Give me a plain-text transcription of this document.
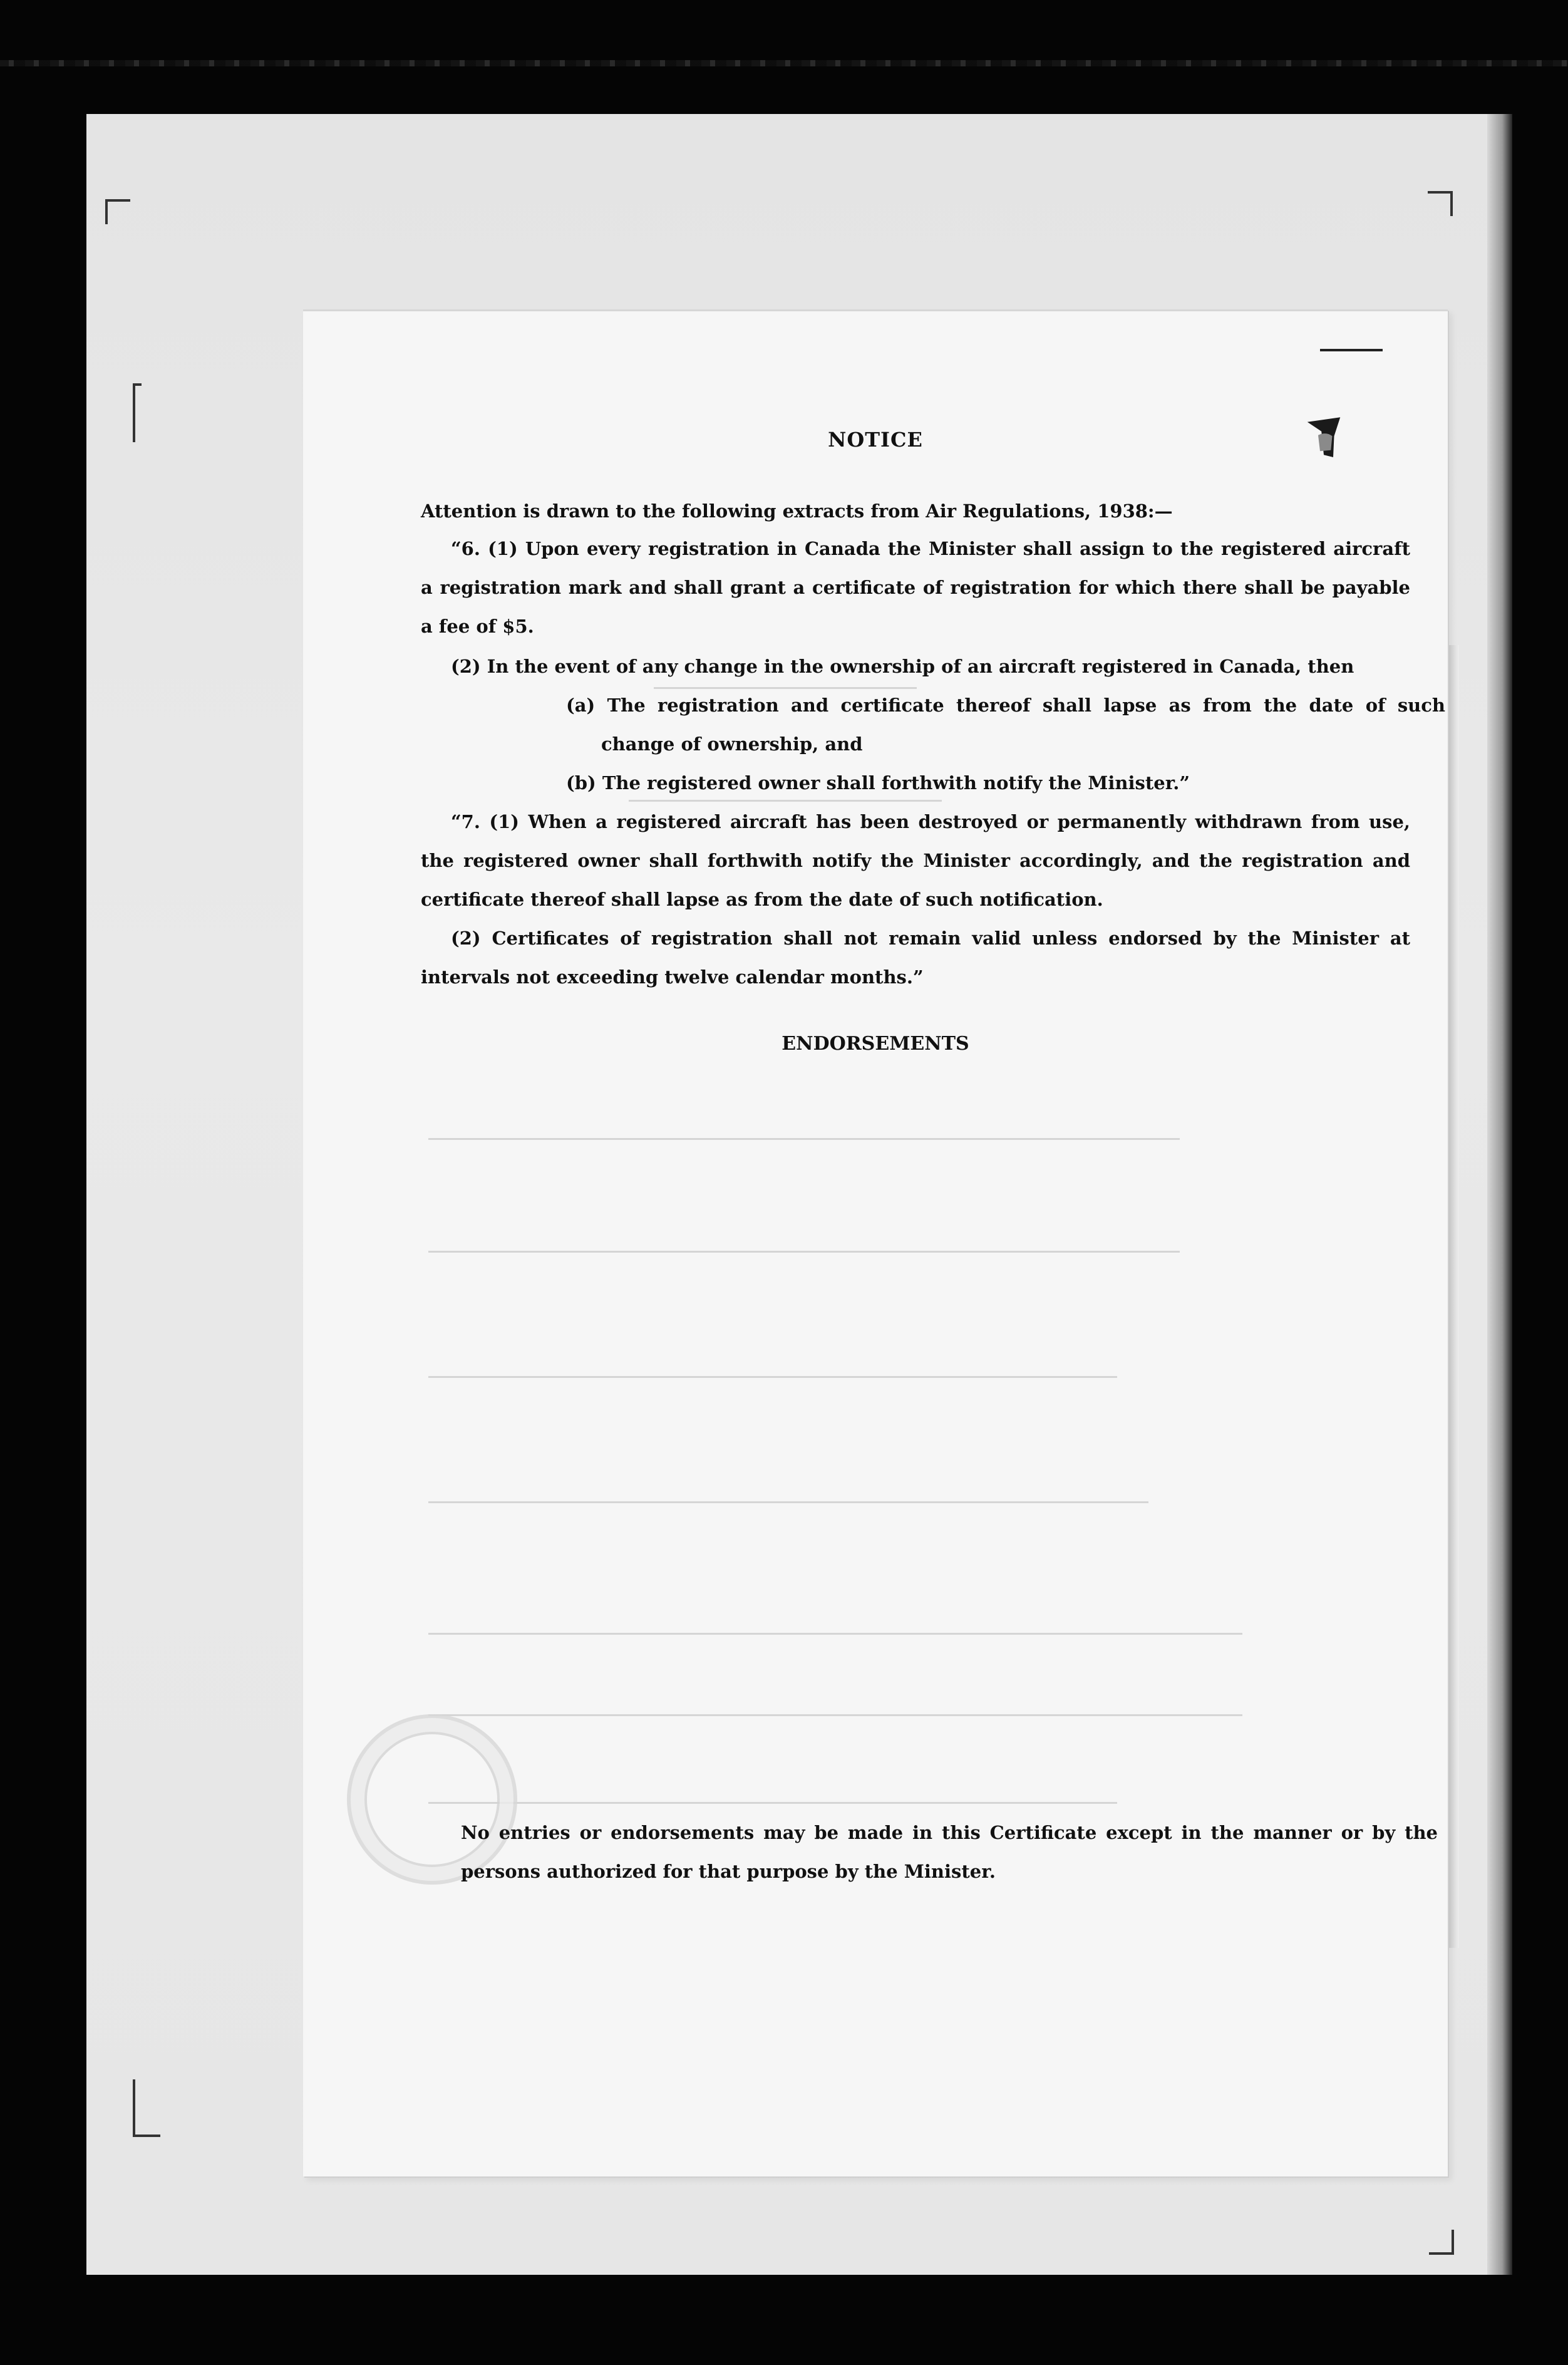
NOTICE
Attention is drawn to the following extracts from Air Regulations, 1938:—
“6. (1) Upon every registration in Canada the Minister shall assign to the registered aircraft a registration mark and shall grant a certificate of registration for which there shall be payable a fee of $5.
(2) In the event of any change in the ownership of an aircraft registered in Canada, then
(a) The registration and certificate thereof shall lapse as from the date of such change of ownership, and
(b) The registered owner shall forthwith notify the Minister.”
“7. (1) When a registered aircraft has been destroyed or permanently withdrawn from use, the registered owner shall forthwith notify the Minister accordingly, and the registration and certificate thereof shall lapse as from the date of such notification.
(2) Certificates of registration shall not remain valid unless endorsed by the Minister at intervals not exceeding twelve calendar months.”
ENDORSEMENTS
No entries or endorsements may be made in this Certificate except in the manner or by the persons authorized for that purpose by the Minister.
